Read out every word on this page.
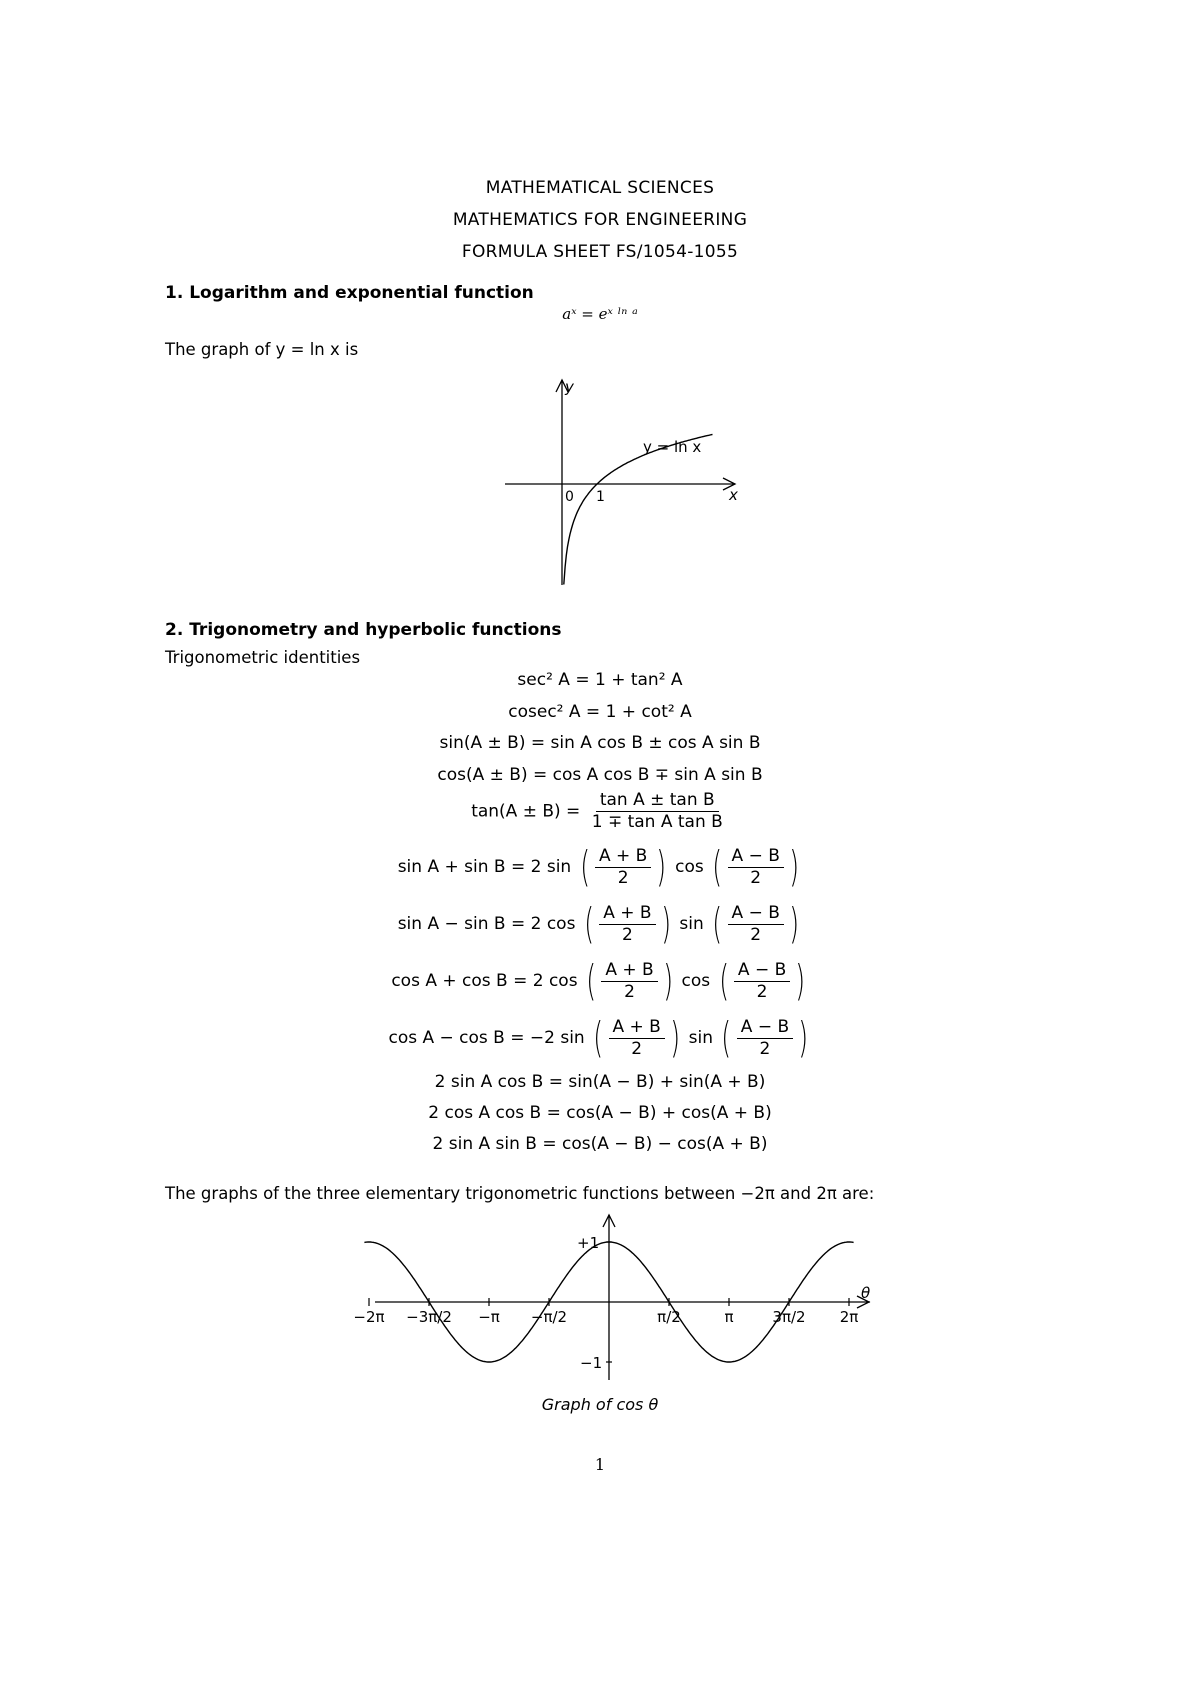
MATHEMATICAL SCIENCES
MATHEMATICS FOR ENGINEERING
FORMULA SHEET FS/1054-1055
1. Logarithm and exponential function
aˣ = eˣ ˡⁿ ᵃ
The graph of y = ln x is
y
x
0 1
y = ln x
2. Trigonometry and hyperbolic functions
Trigonometric identities
sec² A = 1 + tan² A
cosec² A = 1 + cot² A
sin(A ± B) = sin A cos B ± cos A sin B
cos(A ± B) = cos A cos B ∓ sin A sin B
$\tan(A \pm B) = \frac{\text{tan A ± tan B}}{\text{1 ∓ tan A tan B}}$
sin A + sin B = 2 sin ( $\frac{A + B}{2}$ ) cos ( $\frac{A - B}{2}$ )
sin A − sin B = 2 cos ( $\frac{A + B}{2}$ ) sin ( $\frac{A - B}{2}$ )
cos A + cos B = 2 cos ( $\frac{A + B}{2}$ ) cos ( $\frac{A - B}{2}$ )
cos A − cos B = −2 sin ( $\frac{A + B}{2}$ ) sin ( $\frac{A - B}{2}$ )
2 sin A cos B = sin(A − B) + sin(A + B)
2 cos A cos B = cos(A − B) + cos(A + B)
2 sin A sin B = cos(A − B) − cos(A + B)
The graphs of the three elementary trigonometric functions between −2π and 2π are:
−2π −3π/2 −π −π/2	π/2	π	3π/2 2π
+1
−1
θ
Graph of cos θ
1
